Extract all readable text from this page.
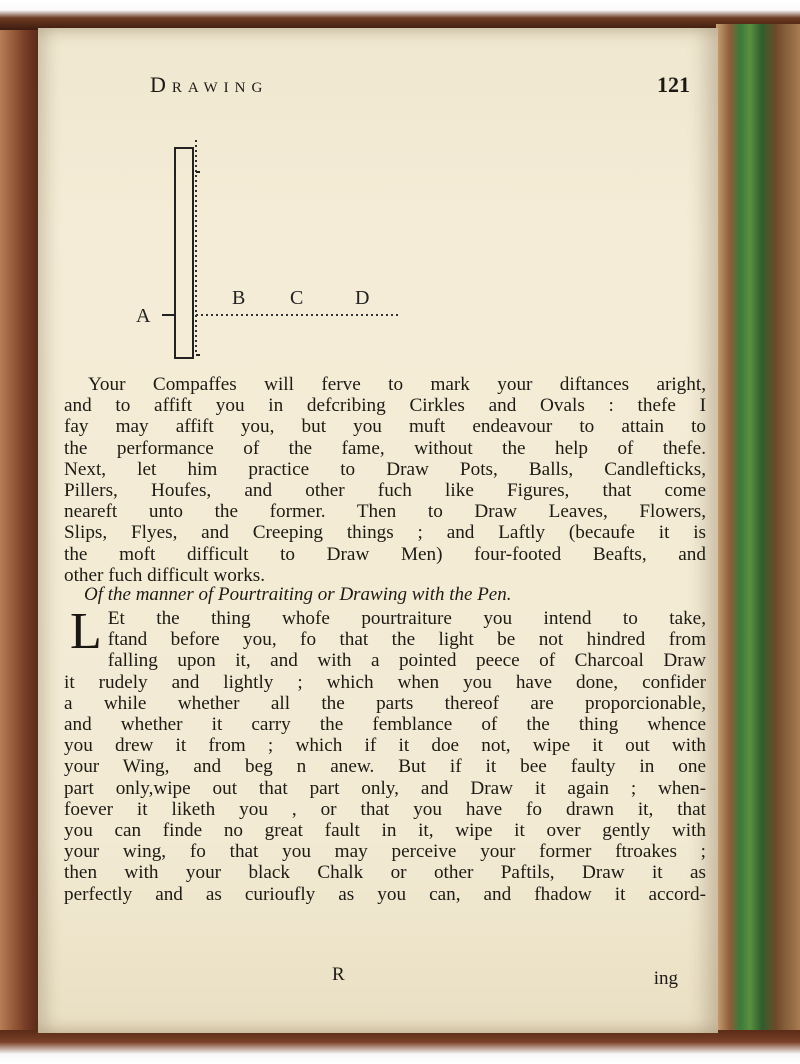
Drawing	121
A
B C	D
Your Compaffes will ferve to mark your diftances aright,
and to affift you in defcribing Cirkles and Ovals : thefe I
fay may affift you, but you muft endeavour to attain to
the performance of the fame, without the help of thefe.
Next, let him practice to Draw Pots, Balls, Candlefticks,
Pillers, Houfes, and other fuch like Figures, that come
neareft unto the former. Then to Draw Leaves, Flowers,
Slips, Flyes, and Creeping things ; and Laftly (becaufe it is
the moft difficult to Draw Men) four-footed Beafts, and
other fuch difficult works.

Of the manner of Pourtraiting or Drawing with the Pen.

L Et the thing whofe pourtraiture you intend to take,
ftand before you, fo that the light be not hindred from
falling upon it, and with a pointed peece of Charcoal Draw
it rudely and lightly ; which when you have done, confider
a while whether all the parts thereof are proporcionable,
and whether it carry the femblance of the thing whence
you drew it from ; which if it doe not, wipe it out with
your Wing, and beg n anew. But if it bee faulty in one
part only,wipe out that part only, and Draw it again ; when-
foever it liketh you , or that you have fo drawn it, that
you can finde no great fault in it, wipe it over gently with
your wing, fo that you may perceive your former ftroakes ;
then with your black Chalk or other Paftils, Draw it as
perfectly and as curioufly as you can, and fhadow it accord-
R	ing
